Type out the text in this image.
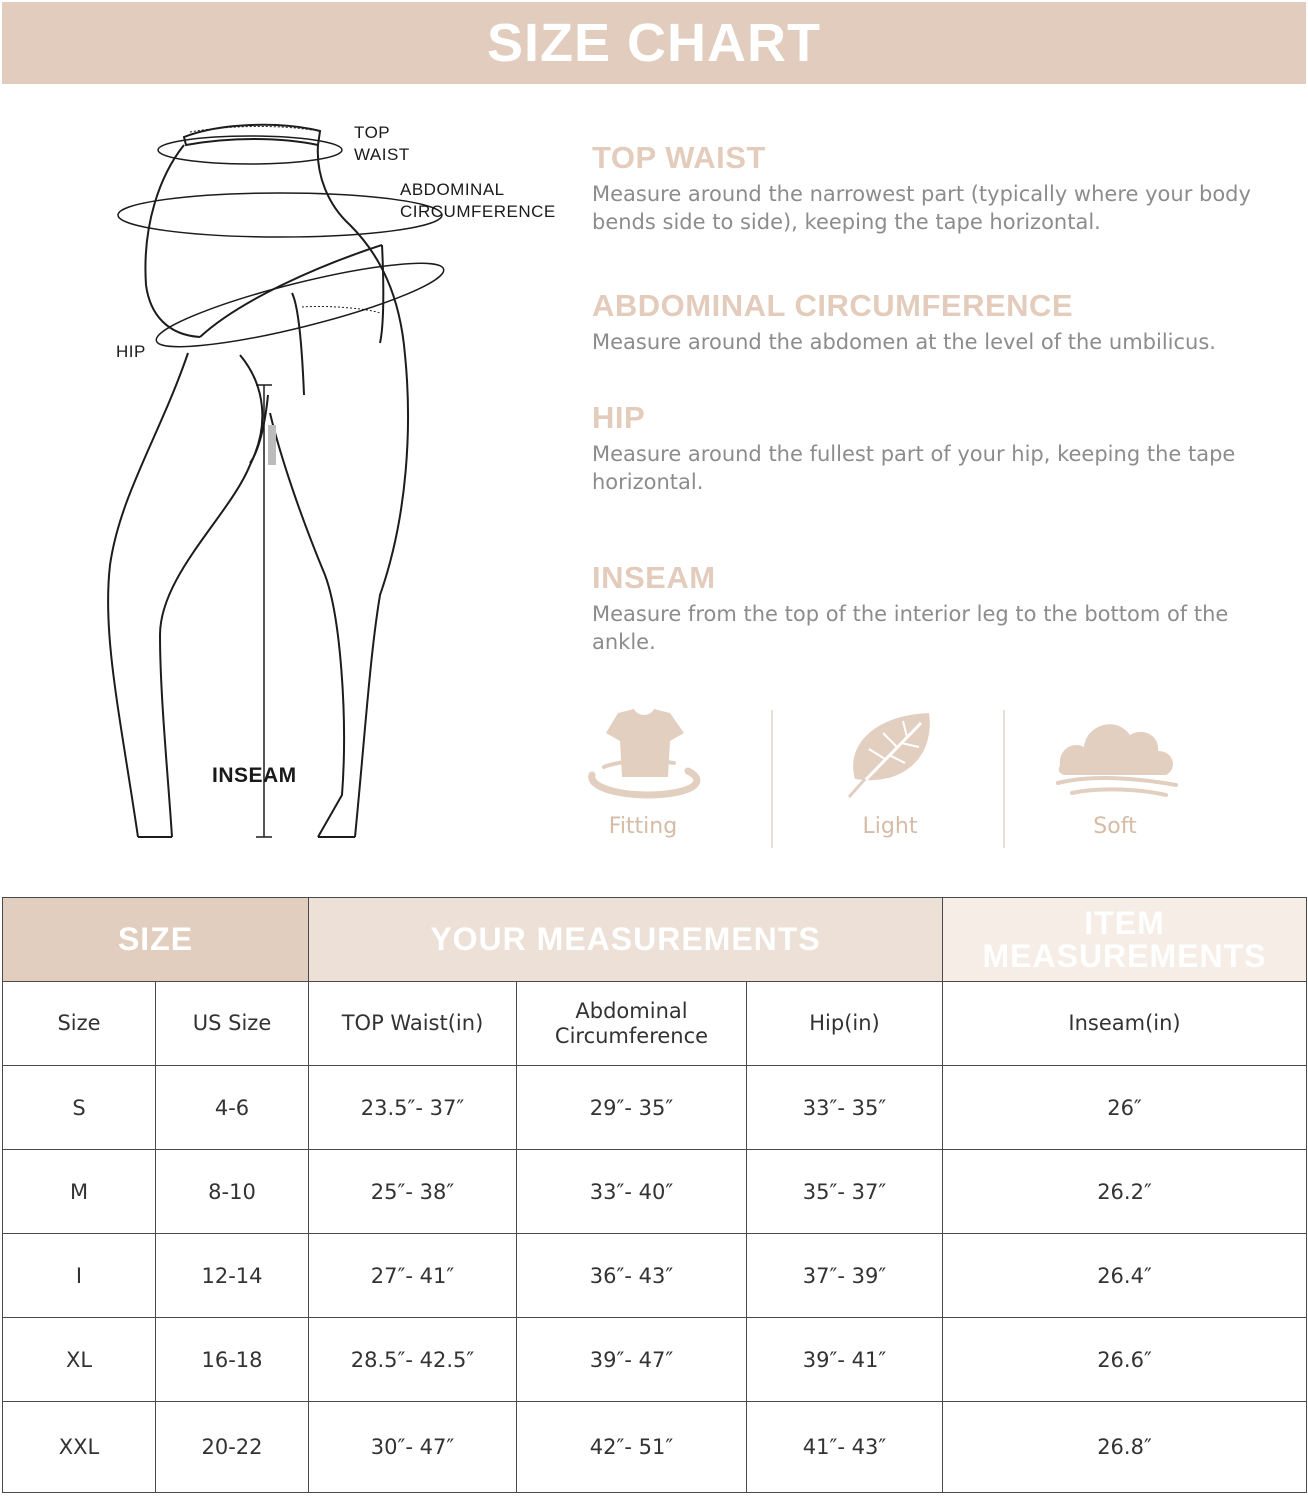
SIZE CHART
TOP
WAIST
ABDOMINAL
CIRCUMFERENCE
HIP
INSEAM
TOP WAIST

Measure around the narrowest part (typically where your body bends side to side), keeping the tape horizontal.

ABDOMINAL CIRCUMFERENCE

Measure around the abdomen at the level of the umbilicus.

HIP

Measure around the fullest part of your hip, keeping the tape horizontal.

INSEAM

Measure from the top of the interior leg to the bottom of the ankle.

Fitting	Light	Soft
SIZE		YOUR MEASUREMENTS			ITEM MEASUREMENTS
Size	US Size	TOP Waist(in)	Abdominal Circumference	Hip(in)	Inseam(in)
S	4-6	23.5″- 37″	29″- 35″	33″- 35″	26″
M	8-10	25″- 38″	33″- 40″	35″- 37″	26.2″
I	12-14	27″- 41″	36″- 43″	37″- 39″	26.4″
XL	16-18	28.5″- 42.5″	39″- 47″	39″- 41″	26.6″
XXL	20-22	30″- 47″	42″- 51″	41″- 43″	26.8″
